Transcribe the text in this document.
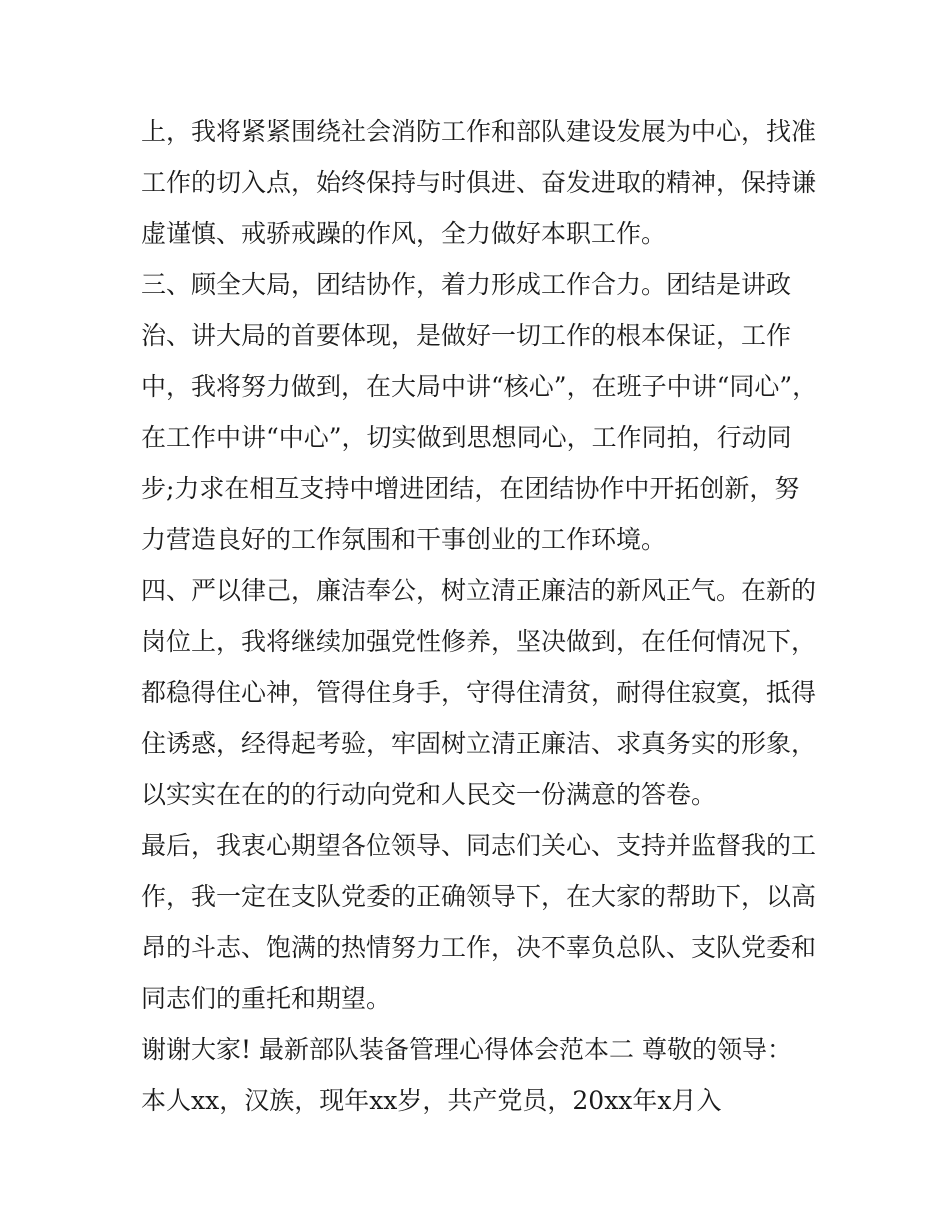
上，我将紧紧围绕社会消防工作和部队建设发展为中心，找准
工作的切入点，始终保持与时俱进、奋发进取的精神，保持谦
虚谨慎、戒骄戒躁的作风，全力做好本职工作。
三、顾全大局，团结协作，着力形成工作合力。团结是讲政
治、讲大局的首要体现，是做好一切工作的根本保证，工作
中，我将努力做到，在大局中讲“核心”，在班子中讲“同心”，
在工作中讲“中心”，切实做到思想同心，工作同拍，行动同
步;力求在相互支持中增进团结，在团结协作中开拓创新，努
力营造良好的工作氛围和干事创业的工作环境。
四、严以律己，廉洁奉公，树立清正廉洁的新风正气。在新的
岗位上，我将继续加强党性修养，坚决做到，在任何情况下，
都稳得住心神，管得住身手，守得住清贫，耐得住寂寞，抵得
住诱惑，经得起考验，牢固树立清正廉洁、求真务实的形象，
以实实在在的的行动向党和人民交一份满意的答卷。
最后，我衷心期望各位领导、同志们关心、支持并监督我的工
作，我一定在支队党委的正确领导下，在大家的帮助下，以高
昂的斗志、饱满的热情努力工作，决不辜负总队、支队党委和
同志们的重托和期望。
谢谢大家! 最新部队装备管理心得体会范本二 尊敬的领导：
本人xx，汉族，现年xx岁，共产党员，20xx年x月入
